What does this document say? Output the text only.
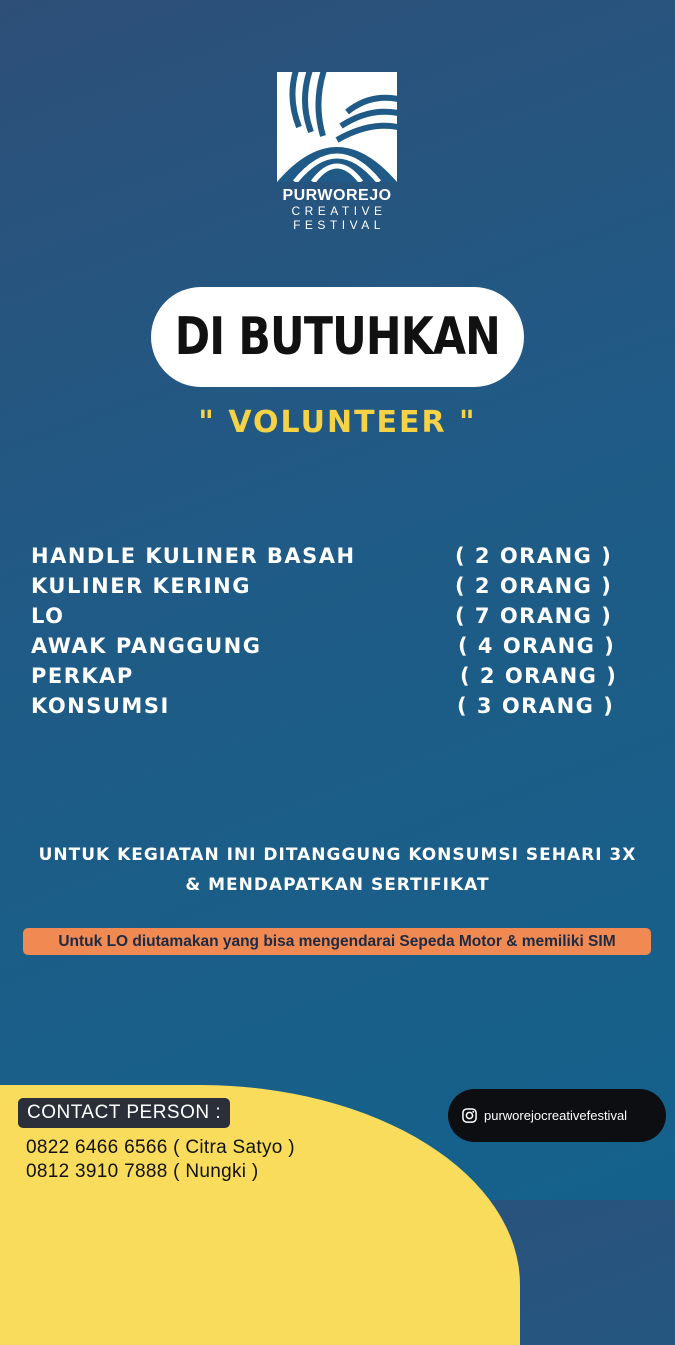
PURWOREJO
CREATIVE
FESTIVAL
DI BUTUHKAN
" VOLUNTEER "
HANDLE KULINER BASAH	( 2 ORANG )
KULINER KERING	( 2 ORANG )
LO	( 7 ORANG )
AWAK PANGGUNG	( 4 ORANG )
PERKAP	( 2 ORANG )
KONSUMSI	( 3 ORANG )
UNTUK KEGIATAN INI DITANGGUNG KONSUMSI SEHARI 3X
& MENDAPATKAN SERTIFIKAT
Untuk LO diutamakan yang bisa mengendarai Sepeda Motor & memiliki SIM
CONTACT PERSON :
0822 6466 6566 ( Citra Satyo )
0812 3910 7888 ( Nungki )
purworejocreativefestival
